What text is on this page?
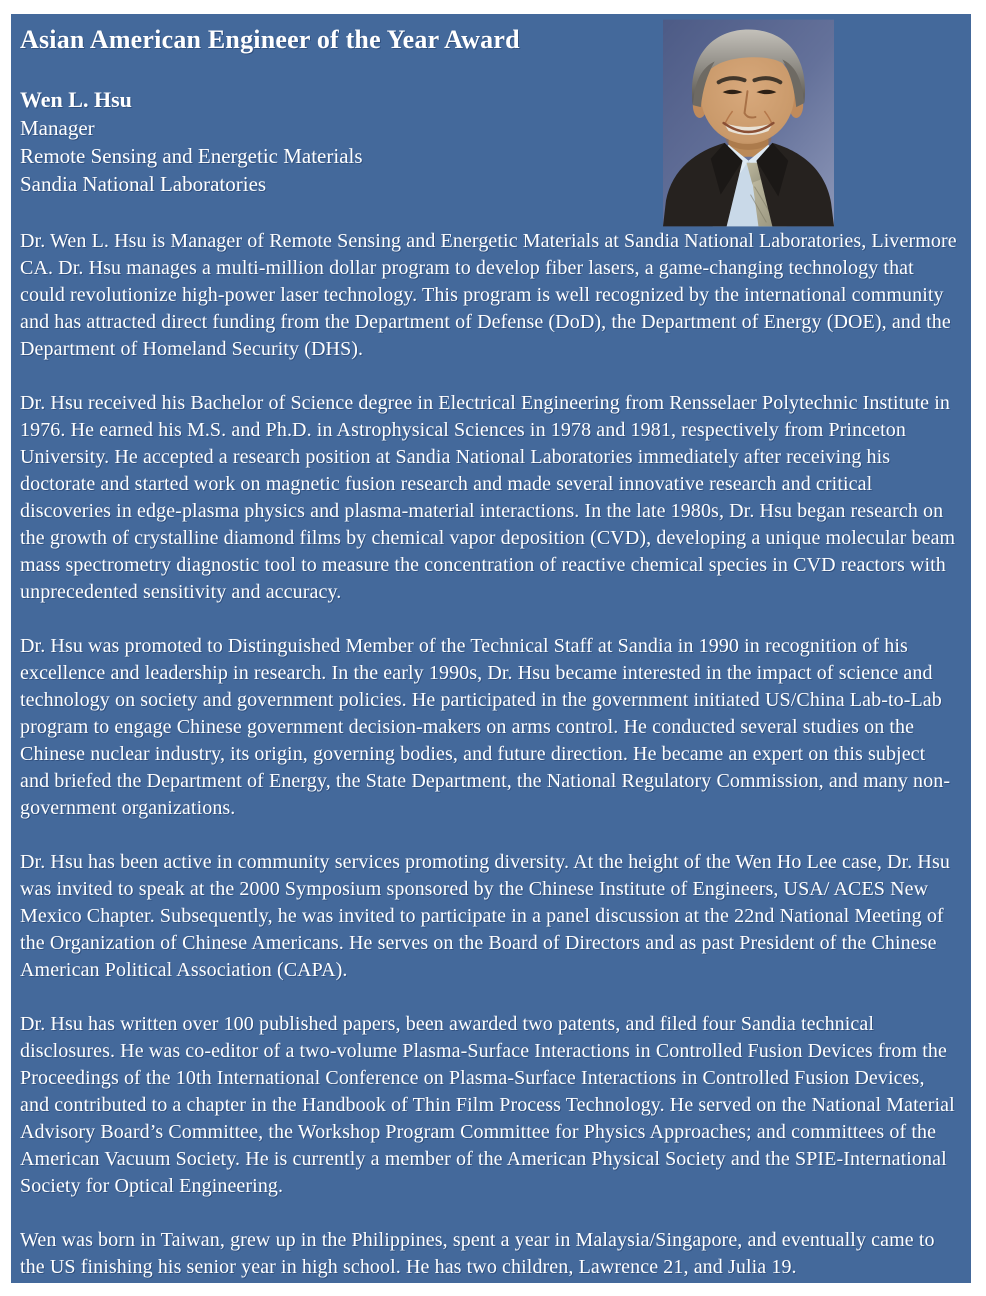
Asian American Engineer of the Year Award
Wen L. Hsu
Manager
Remote Sensing and Energetic Materials
Sandia National Laboratories

Dr. Wen L. Hsu is Manager of Remote Sensing and Energetic Materials at Sandia National Laboratories, Livermore CA. Dr. Hsu manages a multi-million dollar program to develop fiber lasers, a game-changing technology that could revolutionize high-power laser technology. This program is well recognized by the international community and has attracted direct funding from the Department of Defense (DoD), the Department of Energy (DOE), and the Department of Homeland Security (DHS).

Dr. Hsu received his Bachelor of Science degree in Electrical Engineering from Rensselaer Polytechnic Institute in 1976. He earned his M.S. and Ph.D. in Astrophysical Sciences in 1978 and 1981, respectively from Princeton University. He accepted a research position at Sandia National Laboratories immediately after receiving his doctorate and started work on magnetic fusion research and made several innovative research and critical discoveries in edge-plasma physics and plasma-material interactions. In the late 1980s, Dr. Hsu began research on the growth of crystalline diamond films by chemical vapor deposition (CVD), developing a unique molecular beam mass spectrometry diagnostic tool to measure the concentration of reactive chemical species in CVD reactors with unprecedented sensitivity and accuracy.

Dr. Hsu was promoted to Distinguished Member of the Technical Staff at Sandia in 1990 in recognition of his excellence and leadership in research. In the early 1990s, Dr. Hsu became interested in the impact of science and technology on society and government policies. He participated in the government initiated US/China Lab-to-Lab program to engage Chinese government decision-makers on arms control. He conducted several studies on the Chinese nuclear industry, its origin, governing bodies, and future direction. He became an expert on this subject and briefed the Department of Energy, the State Department, the National Regulatory Commission, and many non-government organizations.

Dr. Hsu has been active in community services promoting diversity. At the height of the Wen Ho Lee case, Dr. Hsu was invited to speak at the 2000 Symposium sponsored by the Chinese Institute of Engineers, USA/ ACES New Mexico Chapter. Subsequently, he was invited to participate in a panel discussion at the 22nd National Meeting of the Organization of Chinese Americans. He serves on the Board of Directors and as past President of the Chinese American Political Association (CAPA).

Dr. Hsu has written over 100 published papers, been awarded two patents, and filed four Sandia technical disclosures. He was co-editor of a two-volume Plasma-Surface Interactions in Controlled Fusion Devices from the Proceedings of the 10th International Conference on Plasma-Surface Interactions in Controlled Fusion Devices, and contributed to a chapter in the Handbook of Thin Film Process Technology. He served on the National Material Advisory Board’s Committee, the Workshop Program Committee for Physics Approaches; and committees of the American Vacuum Society. He is currently a member of the American Physical Society and the SPIE-International Society for Optical Engineering.

Wen was born in Taiwan, grew up in the Philippines, spent a year in Malaysia/Singapore, and eventually came to the US finishing his senior year in high school. He has two children, Lawrence 21, and Julia 19.
